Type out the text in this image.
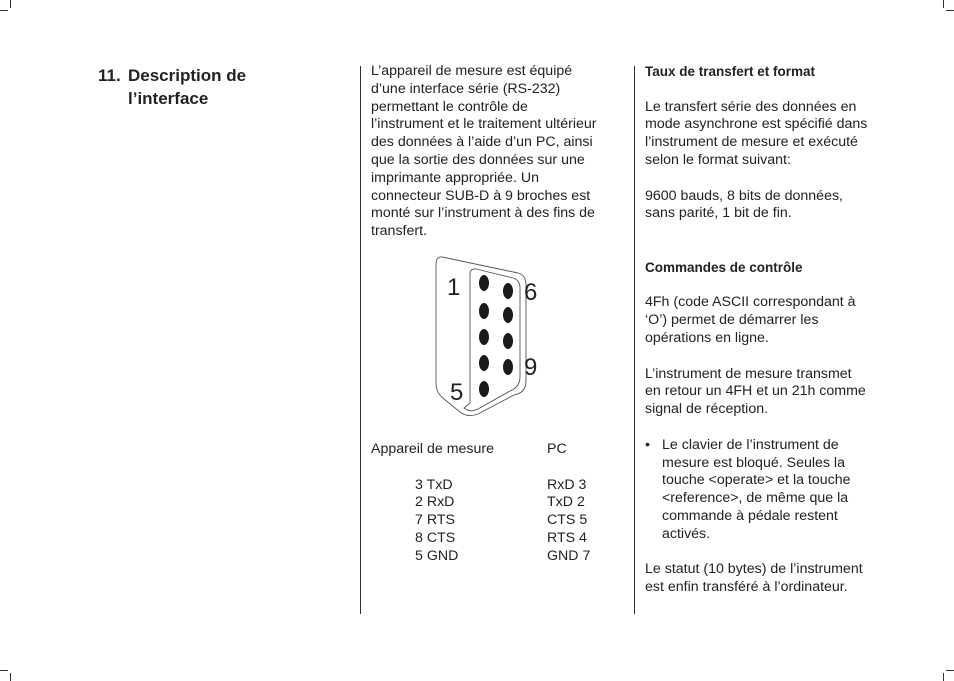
11. Description de
l’interface
L’appareil de mesure est équipé
d’une interface série (RS-232)
permettant le contrôle de
l’instrument et le traitement ultérieur
des données à l’aide d’un PC, ainsi
que la sortie des données sur une
imprimante appropriée. Un
connecteur SUB-D à 9 broches est
monté sur l’instrument à des fins de
transfert.
1
5
6
9
Appareil de mesure	PC
3 TxD	RxD 3
2 RxD	TxD 2
7 RTS	CTS 5
8 CTS	RTS 4
5 GND	GND 7
Taux de transfert et format
Le transfert série des données en
mode asynchrone est spécifié dans
l’instrument de mesure et exécuté
selon le format suivant:
9600 bauds, 8 bits de données,
sans parité, 1 bit de fin.
Commandes de contrôle
4Fh (code ASCII correspondant à
‘O’) permet de démarrer les
opérations en ligne.
L’instrument de mesure transmet
en retour un 4FH et un 21h comme
signal de réception.
• Le clavier de l’instrument de
mesure est bloqué. Seules la
touche <operate> et la touche
<reference>, de même que la
commande à pédale restent
activés.
Le statut (10 bytes) de l’instrument
est enfin transféré à l’ordinateur.
